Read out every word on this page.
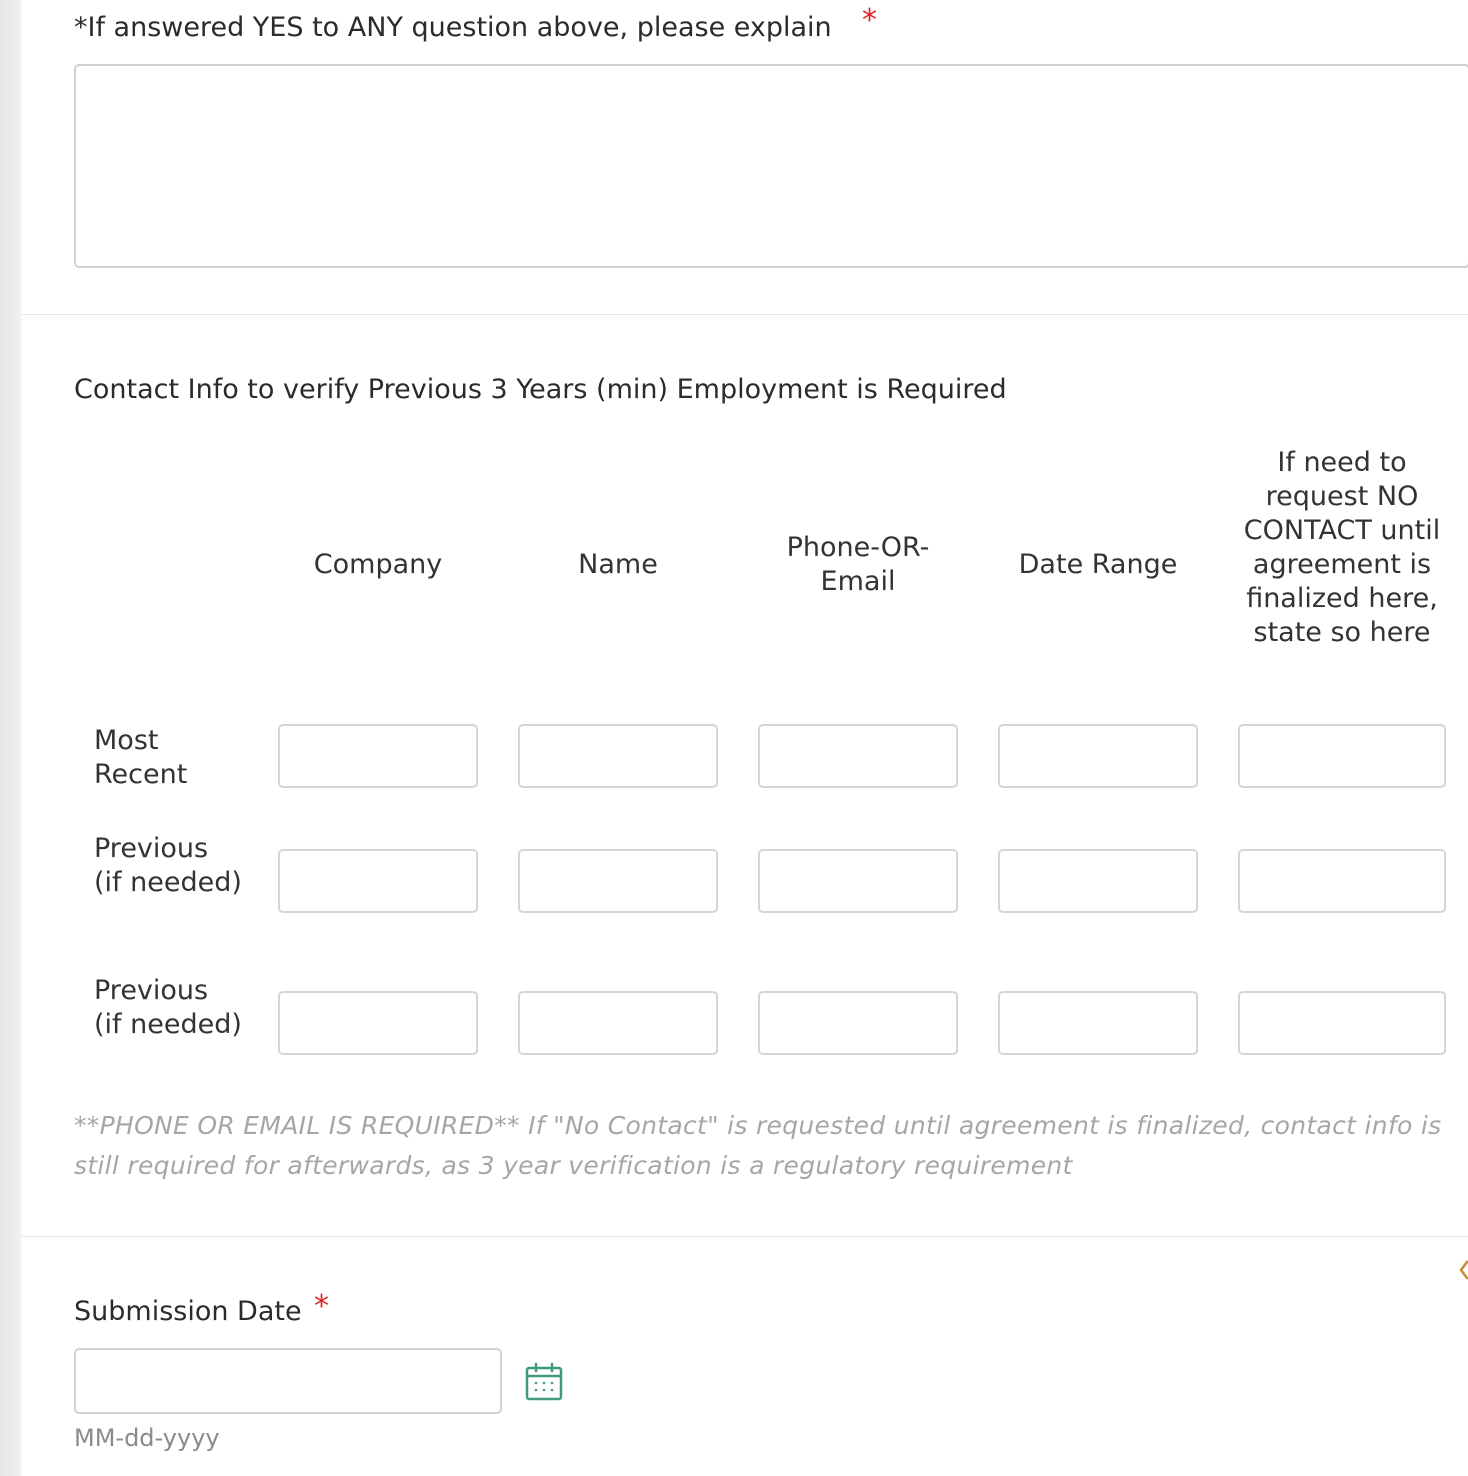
*If answered YES to ANY question above, please explain *
Contact Info to verify Previous 3 Years (min) Employment is Required
Company	Name
Phone-OR-Email
Date Range
If need to request NO CONTACT until agreement is finalized here, state so here
Most Recent
Previous (if needed)
Previous (if needed)
**PHONE OR EMAIL IS REQUIRED** If "No Contact" is requested until agreement is finalized, contact info is still required for afterwards, as 3 year verification is a regulatory requirement
Submission Date *
MM-dd-yyyy
